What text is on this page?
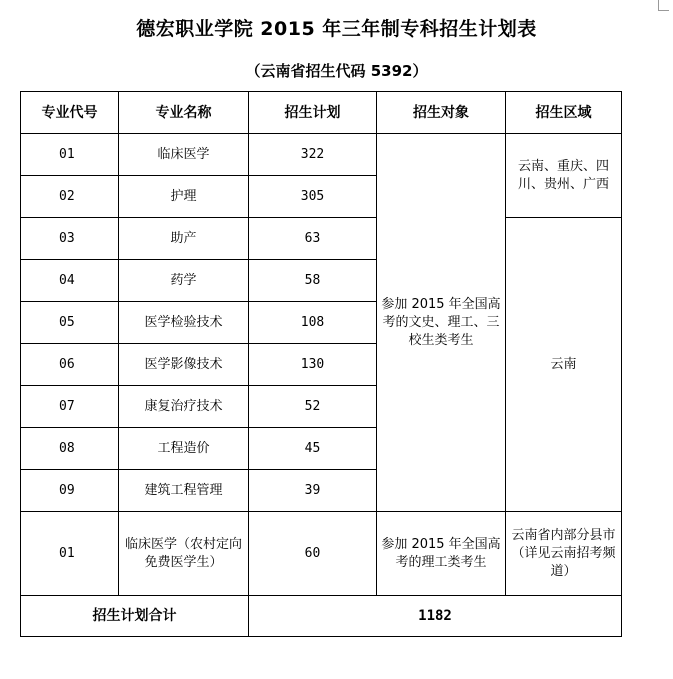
德宏职业学院 2015 年三年制专科招生计划表
（云南省招生代码 5392）
专业代号	专业名称	招生计划	招生对象	招生区域
01	临床医学	322	参加 2015 年全国高考的文史、理工、三校生类考生	云南、重庆、四川、贵州、广西
02	护理	305		
03	助产	63		云南
04	药学	58		
05	医学检验技术	108		
06	医学影像技术	130		
07	康复治疗技术	52		
08	工程造价	45		
09	建筑工程管理	39		
01	临床医学（农村定向免费医学生）	60	参加 2015 年全国高考的理工类考生	云南省内部分县市（详见云南招考频道）
招生计划合计		1182		
